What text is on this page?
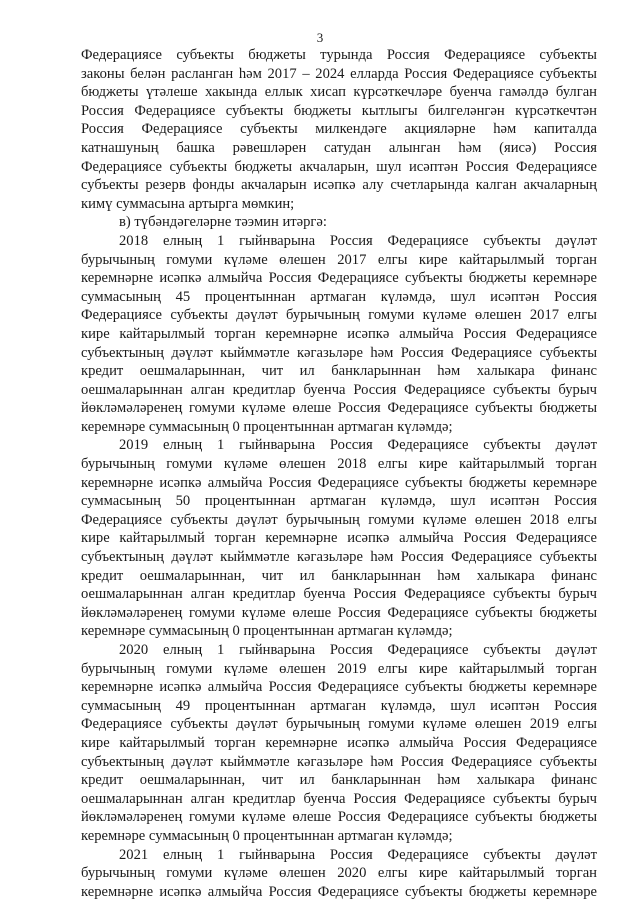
3
Федерациясе субъекты бюджеты турында Россия Федерациясе субъекты
законы белән расланган һәм 2017 – 2024 елларда Россия Федерациясе субъекты
бюджеты үтәлеше хакында еллык хисап күрсәткечләре буенча гамәлдә булган
Россия Федерациясе субъекты бюджеты кытлыгы билгеләнгән күрсәткечтән
Россия Федерациясе субъекты милкендәге акцияләрне һәм капиталда
катнашуның башка рәвешләрен сатудан алынган һәм (яисә) Россия
Федерациясе субъекты бюджеты акчаларын, шул исәптән Россия Федерациясе
субъекты резерв фонды акчаларын исәпкә алу счетларында калган акчаларның
кимү суммасына артырга мөмкин;
в) түбәндәгеләрне тәэмин итәргә:
2018 елның 1 гыйнварына Россия Федерациясе субъекты дәүләт
бурычының гомуми күләме өлешен 2017 елгы кире кайтарылмый торган
керемнәрне исәпкә алмыйча Россия Федерациясе субъекты бюджеты керемнәре
суммасының 45 процентыннан артмаган күләмдә, шул исәптән Россия
Федерациясе субъекты дәүләт бурычының гомуми күләме өлешен 2017 елгы
кире кайтарылмый торган керемнәрне исәпкә алмыйча Россия Федерациясе
субъектының дәүләт кыйммәтле кәгазьләре һәм Россия Федерациясе субъекты
кредит оешмаларыннан, чит ил банкларыннан һәм халыкара финанс
оешмаларыннан алган кредитлар буенча Россия Федерациясе субъекты бурыч
йөкләмәләренең гомуми күләме өлеше Россия Федерациясе субъекты бюджеты
керемнәре суммасының 0 процентыннан артмаган күләмдә;
2019 елның 1 гыйнварына Россия Федерациясе субъекты дәүләт
бурычының гомуми күләме өлешен 2018 елгы кире кайтарылмый торган
керемнәрне исәпкә алмыйча Россия Федерациясе субъекты бюджеты керемнәре
суммасының 50 процентыннан артмаган күләмдә, шул исәптән Россия
Федерациясе субъекты дәүләт бурычының гомуми күләме өлешен 2018 елгы
кире кайтарылмый торган керемнәрне исәпкә алмыйча Россия Федерациясе
субъектының дәүләт кыйммәтле кәгазьләре һәм Россия Федерациясе субъекты
кредит оешмаларыннан, чит ил банкларыннан һәм халыкара финанс
оешмаларыннан алган кредитлар буенча Россия Федерациясе субъекты бурыч
йөкләмәләренең гомуми күләме өлеше Россия Федерациясе субъекты бюджеты
керемнәре суммасының 0 процентыннан артмаган күләмдә;
2020 елның 1 гыйнварына Россия Федерациясе субъекты дәүләт
бурычының гомуми күләме өлешен 2019 елгы кире кайтарылмый торган
керемнәрне исәпкә алмыйча Россия Федерациясе субъекты бюджеты керемнәре
суммасының 49 процентыннан артмаган күләмдә, шул исәптән Россия
Федерациясе субъекты дәүләт бурычының гомуми күләме өлешен 2019 елгы
кире кайтарылмый торган керемнәрне исәпкә алмыйча Россия Федерациясе
субъектының дәүләт кыйммәтле кәгазьләре һәм Россия Федерациясе субъекты
кредит оешмаларыннан, чит ил банкларыннан һәм халыкара финанс
оешмаларыннан алган кредитлар буенча Россия Федерациясе субъекты бурыч
йөкләмәләренең гомуми күләме өлеше Россия Федерациясе субъекты бюджеты
керемнәре суммасының 0 процентыннан артмаган күләмдә;
2021 елның 1 гыйнварына Россия Федерациясе субъекты дәүләт
бурычының гомуми күләме өлешен 2020 елгы кире кайтарылмый торган
керемнәрне исәпкә алмыйча Россия Федерациясе субъекты бюджеты керемнәре
